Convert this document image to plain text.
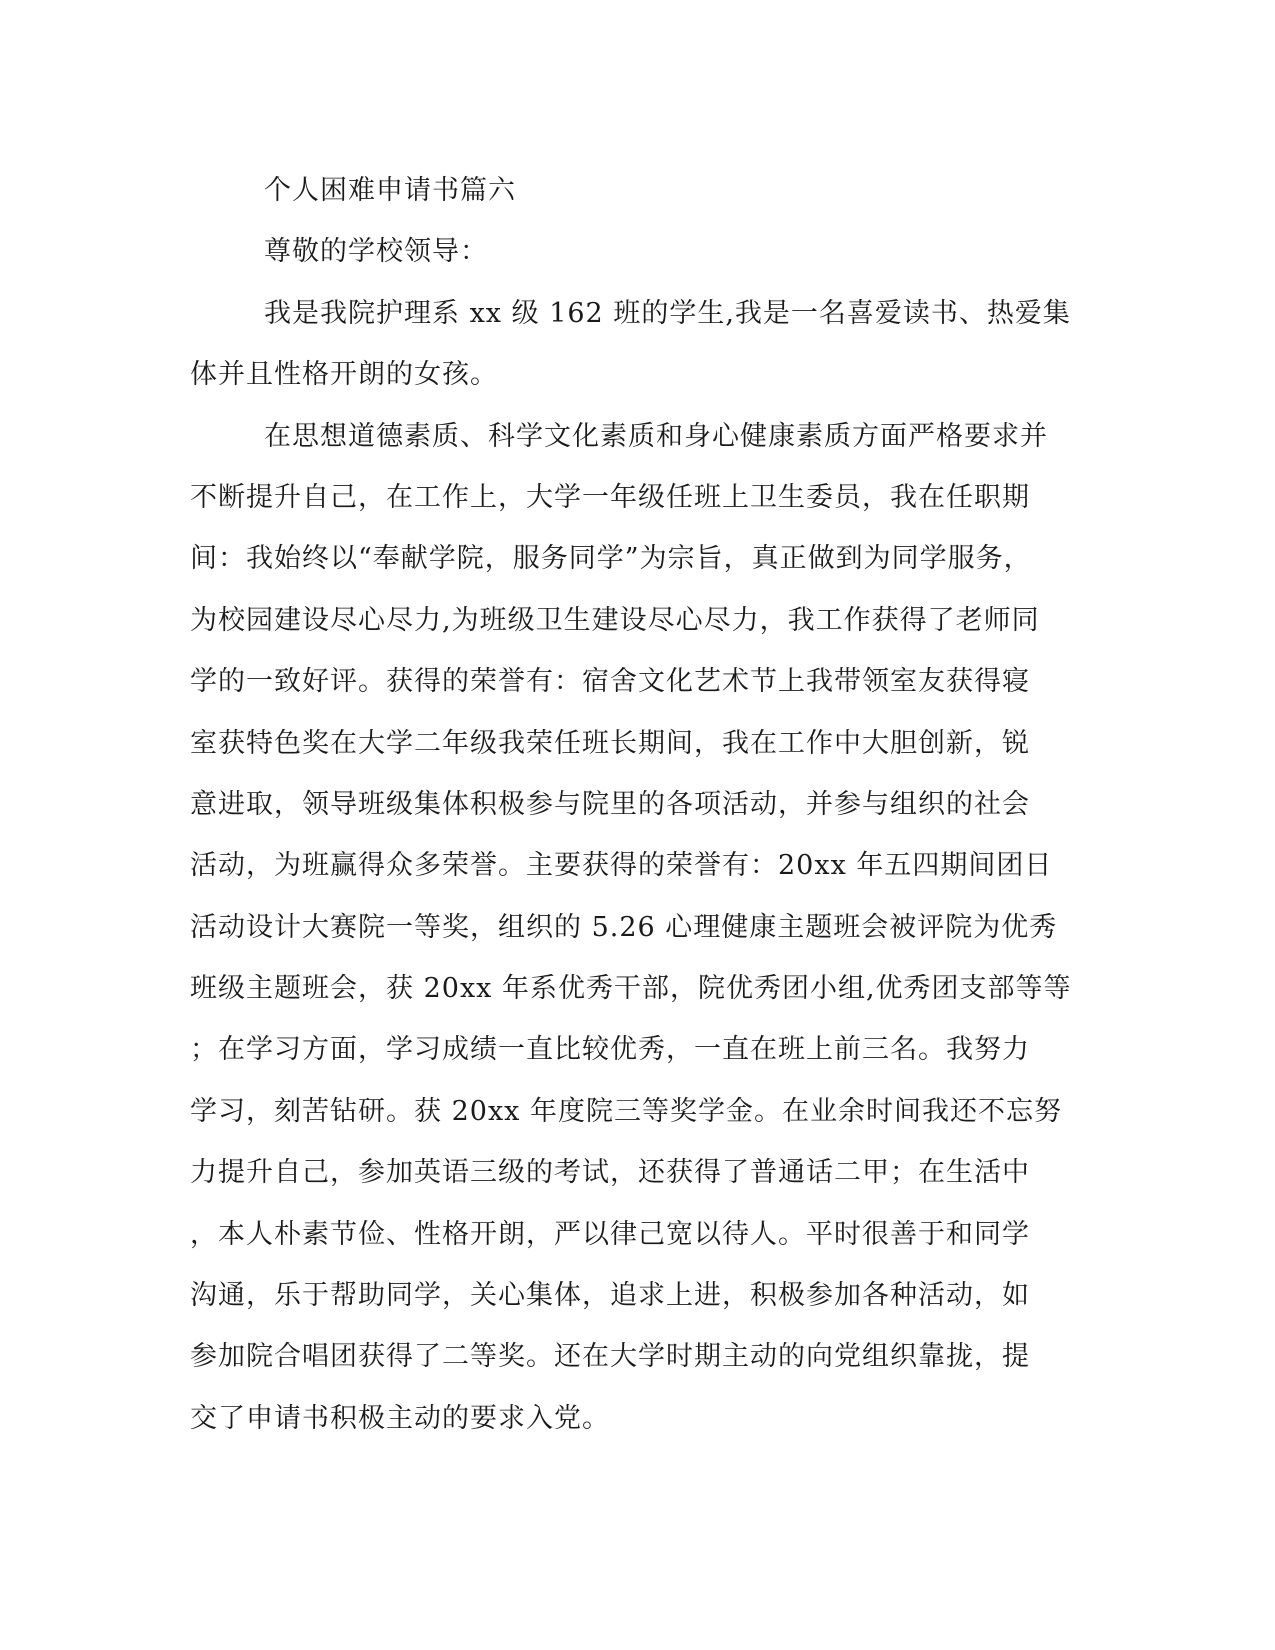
个人困难申请书篇六
尊敬的学校领导：
我是我院护理系 xx 级 162 班的学生,我是一名喜爱读书、热爱集
体并且性格开朗的女孩。
在思想道德素质、科学文化素质和身心健康素质方面严格要求并
不断提升自己，在工作上，大学一年级任班上卫生委员，我在任职期
间：我始终以“奉献学院，服务同学”为宗旨，真正做到为同学服务，
为校园建设尽心尽力,为班级卫生建设尽心尽力，我工作获得了老师同
学的一致好评。获得的荣誉有：宿舍文化艺术节上我带领室友获得寝
室获特色奖在大学二年级我荣任班长期间，我在工作中大胆创新，锐
意进取，领导班级集体积极参与院里的各项活动，并参与组织的社会
活动，为班赢得众多荣誉。主要获得的荣誉有：20xx 年五四期间团日
活动设计大赛院一等奖，组织的 5.26 心理健康主题班会被评院为优秀
班级主题班会，获 20xx 年系优秀干部，院优秀团小组,优秀团支部等等
；在学习方面，学习成绩一直比较优秀，一直在班上前三名。我努力
学习，刻苦钻研。获 20xx 年度院三等奖学金。在业余时间我还不忘努
力提升自己，参加英语三级的考试，还获得了普通话二甲；在生活中
，本人朴素节俭、性格开朗，严以律己宽以待人。平时很善于和同学
沟通，乐于帮助同学，关心集体，追求上进，积极参加各种活动，如
参加院合唱团获得了二等奖。还在大学时期主动的向党组织靠拢，提
交了申请书积极主动的要求入党。
